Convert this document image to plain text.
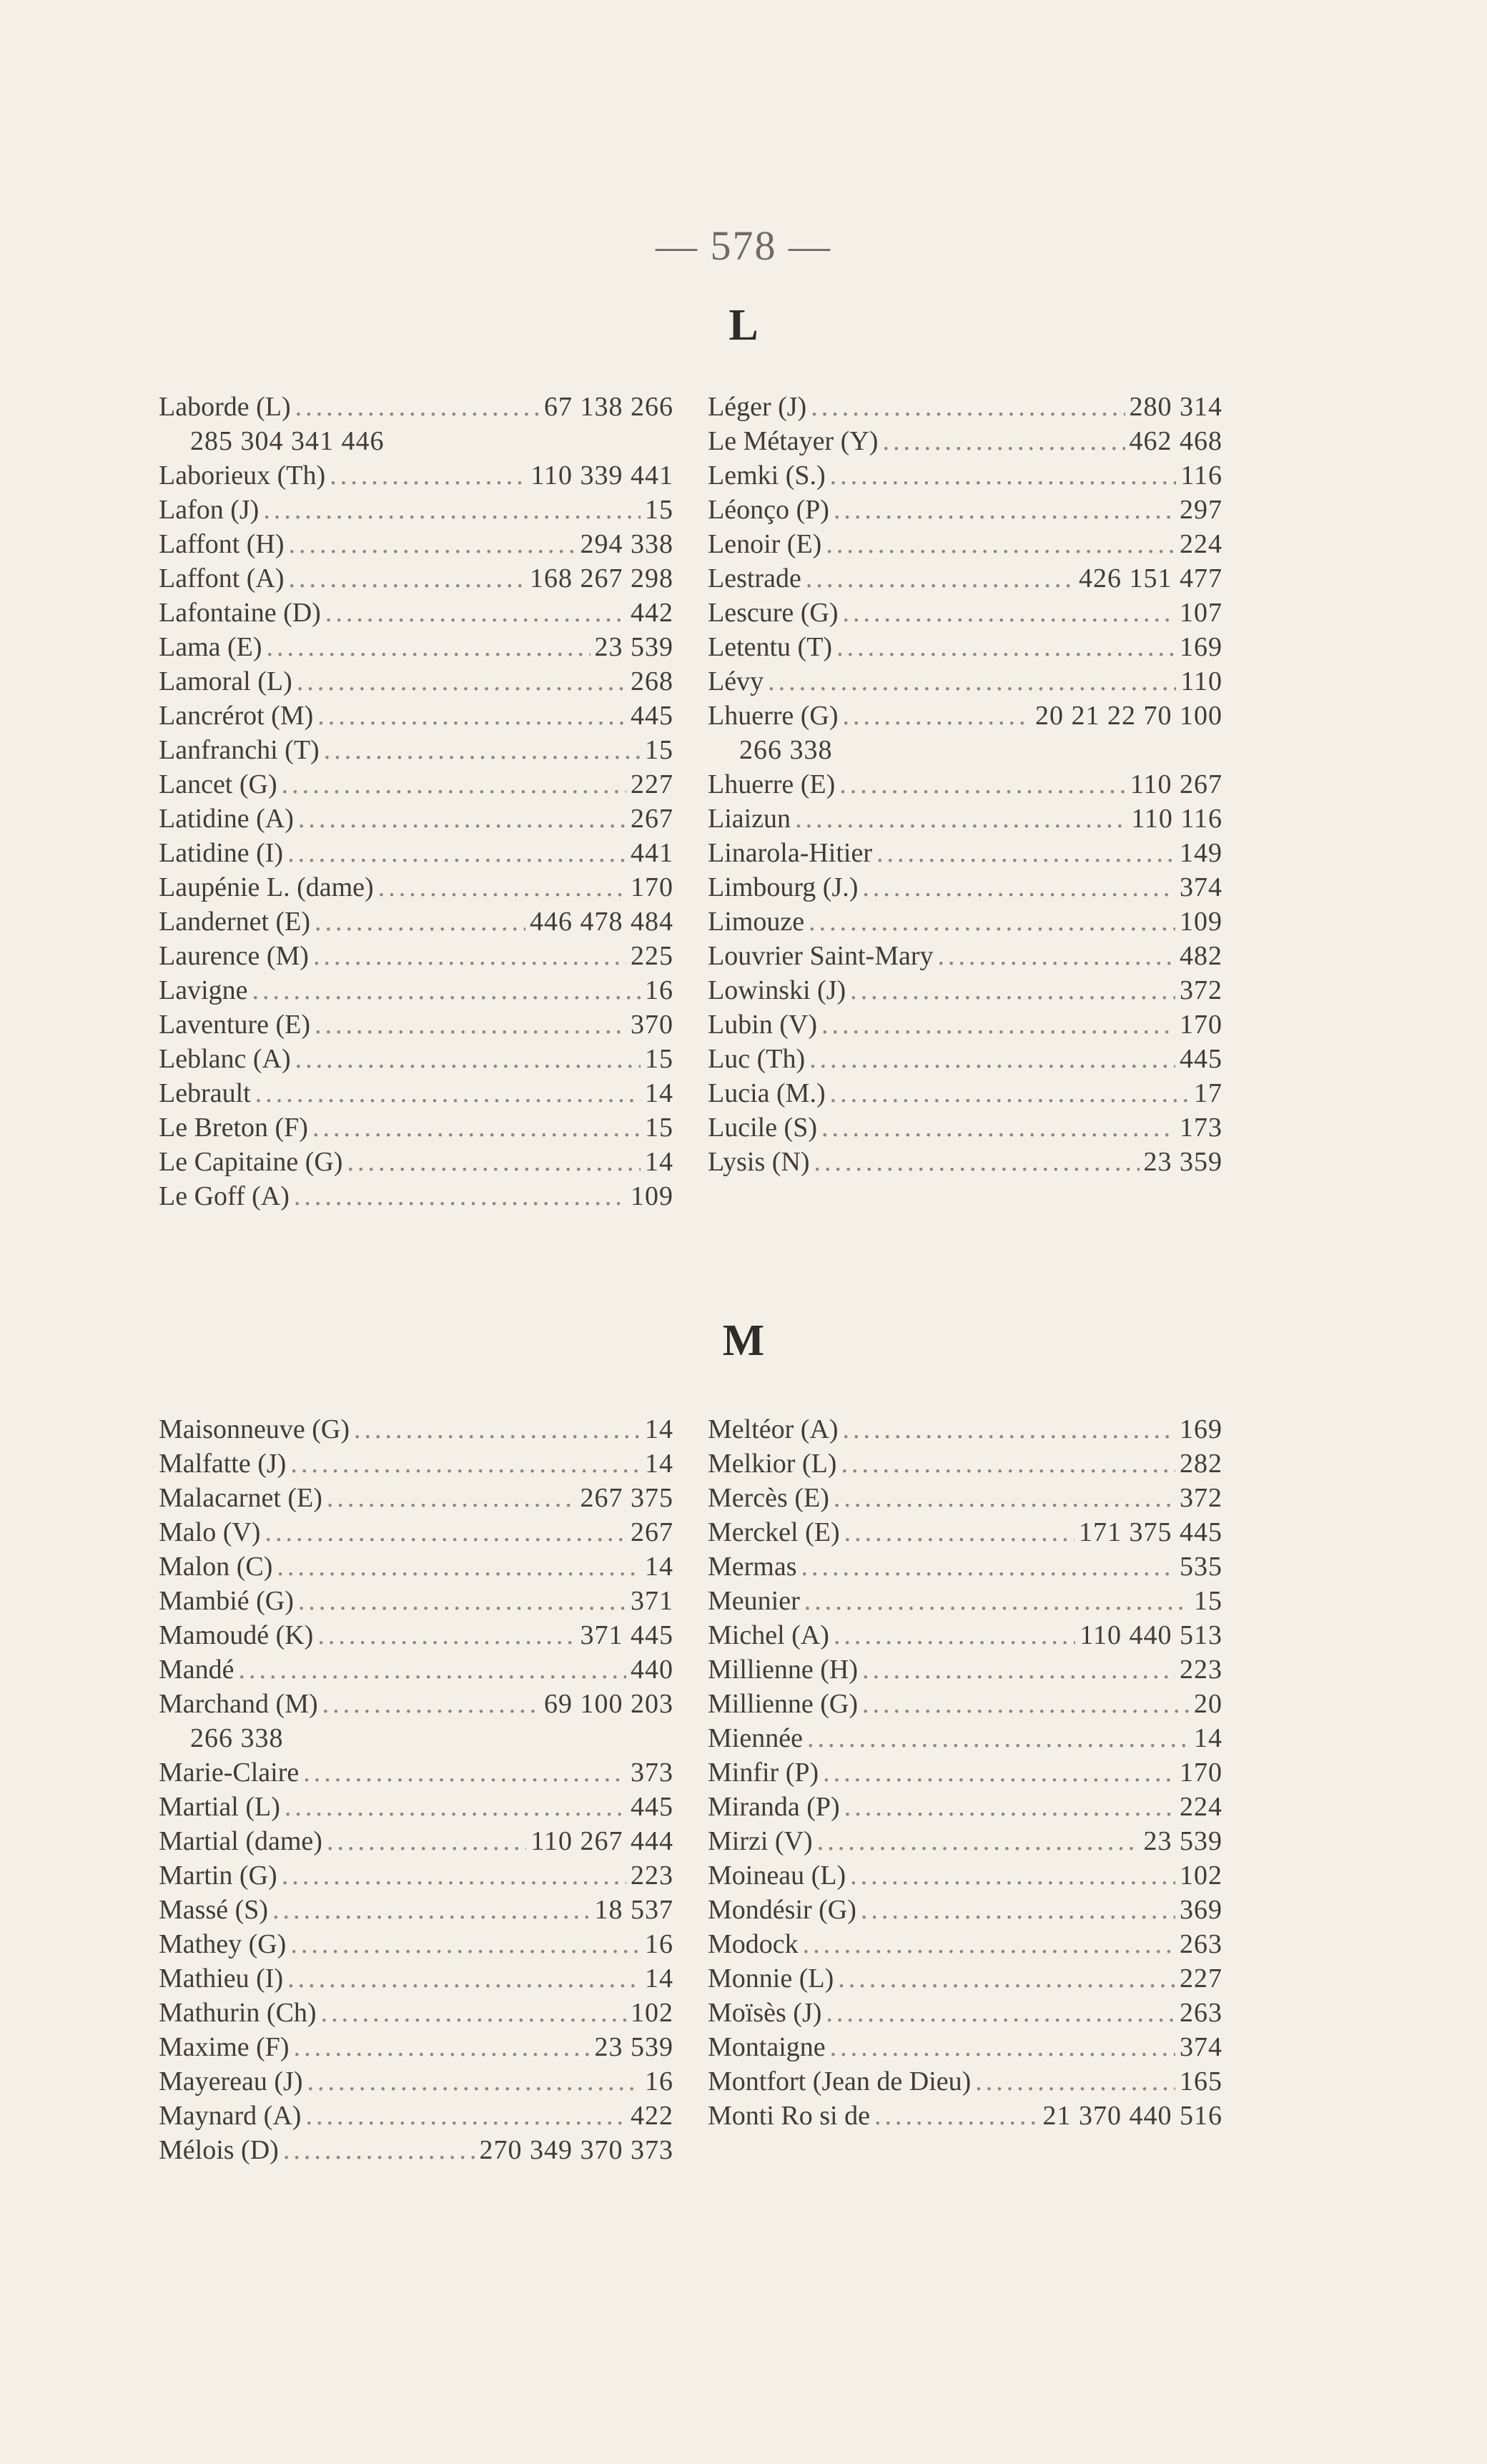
— 578 —
L
Laborde (L) .....	67 138 266
285 304 341 446
Laborieux (Th) .....	110 339 441
Lafon (J) .....	15
Laffont (H) .....	294 338
Laffont (A) .....	168 267 298
Lafontaine (D) .....	442
Lama (E) .....	23 539
Lamoral (L) .....	268
Lancrérot (M) .....	445
Lanfranchi (T) .....	15
Lancet (G) .....	227
Latidine (A) .....	267
Latidine (I) .....	441
Laupénie L. (dame) .....	170
Landernet (E) .....	446 478 484
Laurence (M) .....	225
Lavigne .....	16
Laventure (E) .....	370
Leblanc (A) .....	15
Lebrault .....	14
Le Breton (F) .....	15
Le Capitaine (G) .....	14
Le Goff (A) .....	109
Léger (J) .....	280 314
Le Métayer (Y) .....	462 468
Lemki (S.) .....	116
Léonço (P) .....	297
Lenoir (E) .....	224
Lestrade .....	426 151 477
Lescure (G) .....	107
Letentu (T) .....	169
Lévy .....	110
Lhuerre (G) .....	20 21 22 70 100
266 338
Lhuerre (E) .....	110 267
Liaizun .....	110 116
Linarola-Hitier .....	149
Limbourg (J.) .....	374
Limouze .....	109
Louvrier Saint-Mary .....	482
Lowinski (J) .....	372
Lubin (V) .....	170
Luc (Th) .....	445
Lucia (M.) .....	17
Lucile (S) .....	173
Lysis (N) .....	23 359
M
Maisonneuve (G) .....	14
Malfatte (J) .....	14
Malacarnet (E) .....	267 375
Malo (V) .....	267
Malon (C) .....	14
Mambié (G) .....	371
Mamoudé (K) .....	371 445
Mandé .....	440
Marchand (M) .....	69 100 203
266 338
Marie-Claire .....	373
Martial (L) .....	445
Martial (dame) .....	110 267 444
Martin (G) .....	223
Massé (S) .....	18 537
Mathey (G) .....	16
Mathieu (I) .....	14
Mathurin (Ch) .....	102
Maxime (F) .....	23 539
Mayereau (J) .....	16
Maynard (A) .....	422
Mélois (D) .....	270 349 370 373
Meltéor (A) .....	169
Melkior (L) .....	282
Mercès (E) .....	372
Merckel (E) .....	171 375 445
Mermas .....	535
Meunier .....	15
Michel (A) .....	110 440 513
Millienne (H) .....	223
Millienne (G) .....	20
Miennée .....	14
Minfir (P) .....	170
Miranda (P) .....	224
Mirzi (V) .....	23 539
Moineau (L) .....	102
Mondésir (G) .....	369
Modock .....	263
Monnie (L) .....	227
Moïsès (J) .....	263
Montaigne .....	374
Montfort (Jean de Dieu) .....	165
Monti Ro si de .....	21 370 440 516
